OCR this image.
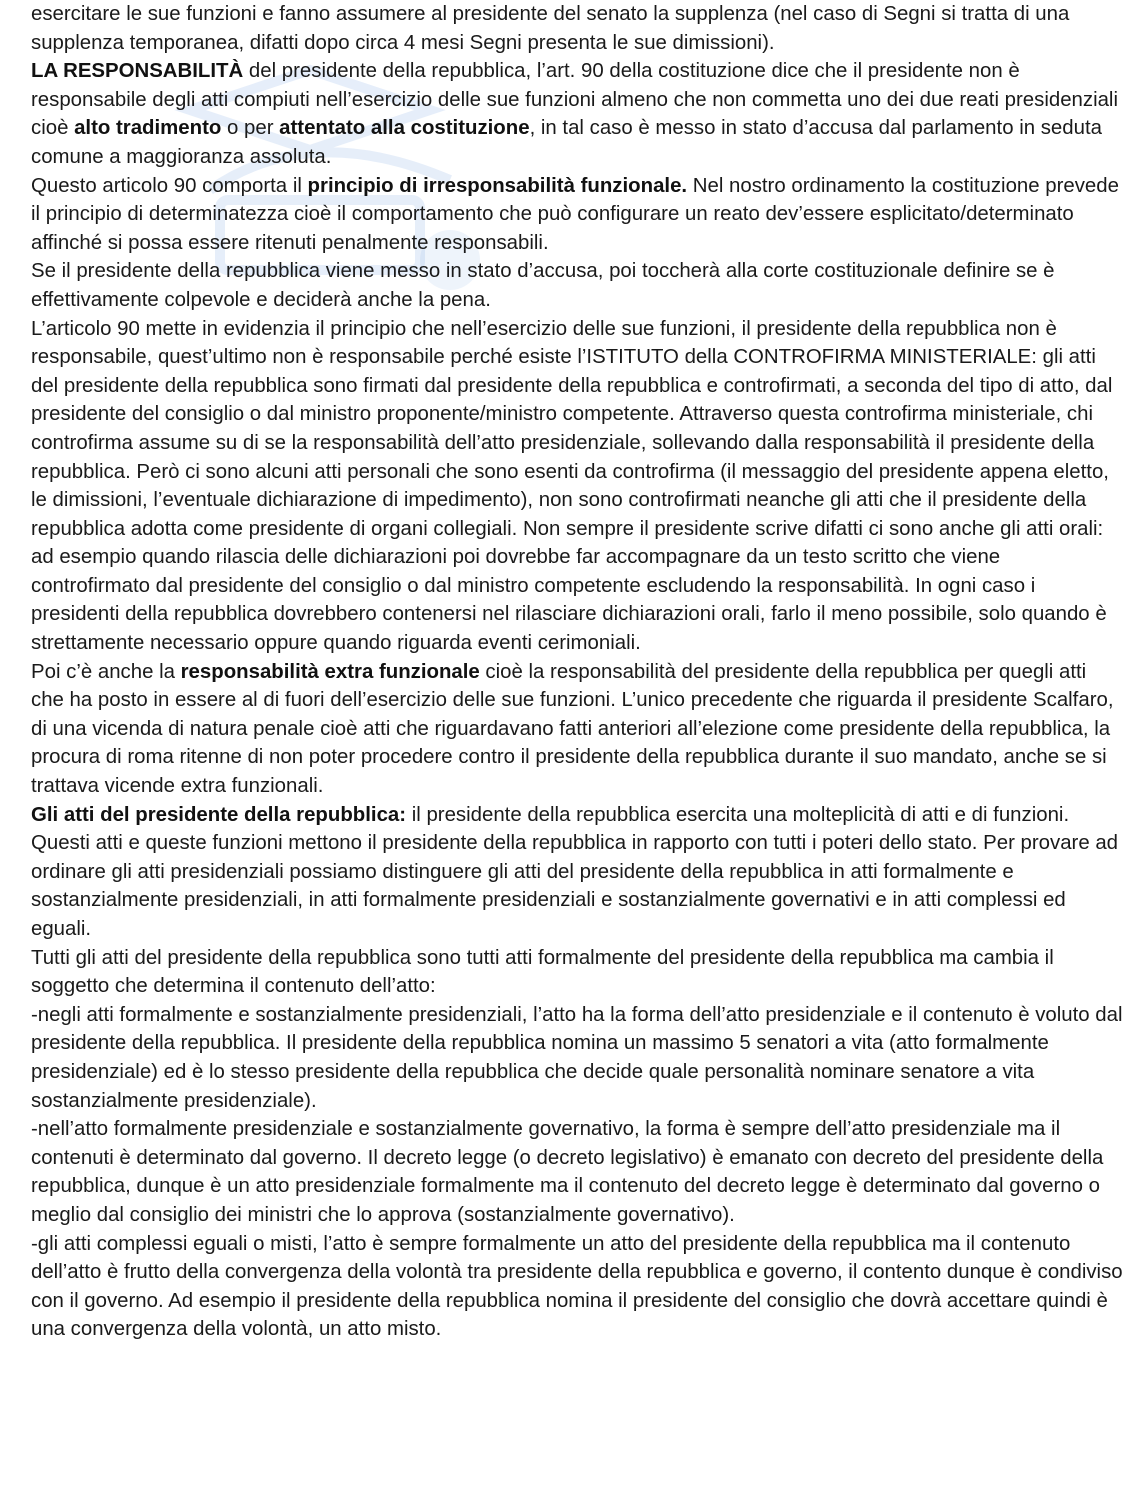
esercitare le sue funzioni e fanno assumere al presidente del senato la supplenza (nel caso di Segni si tratta di una supplenza temporanea, difatti dopo circa 4 mesi Segni presenta le sue dimissioni).

LA RESPONSABILITÀ del presidente della repubblica, l’art. 90 della costituzione dice che il presidente non è responsabile degli atti compiuti nell’esercizio delle sue funzioni almeno che non commetta uno dei due reati presidenziali cioè alto tradimento o per attentato alla costituzione, in tal caso è messo in stato d’accusa dal parlamento in seduta comune a maggioranza assoluta.

Questo articolo 90 comporta il principio di irresponsabilità funzionale. Nel nostro ordinamento la costituzione prevede il principio di determinatezza cioè il comportamento che può configurare un reato dev’essere esplicitato/determinato affinché si possa essere ritenuti penalmente responsabili.

Se il presidente della repubblica viene messo in stato d’accusa, poi toccherà alla corte costituzionale definire se è effettivamente colpevole e deciderà anche la pena.

L’articolo 90 mette in evidenzia il principio che nell’esercizio delle sue funzioni, il presidente della repubblica non è responsabile, quest’ultimo non è responsabile perché esiste l’ISTITUTO della CONTROFIRMA MINISTERIALE: gli atti del presidente della repubblica sono firmati dal presidente della repubblica e controfirmati, a seconda del tipo di atto, dal presidente del consiglio o dal ministro proponente/ministro competente. Attraverso questa controfirma ministeriale, chi controfirma assume su di se la responsabilità dell’atto presidenziale, sollevando dalla responsabilità il presidente della repubblica. Però ci sono alcuni atti personali che sono esenti da controfirma (il messaggio del presidente appena eletto, le dimissioni, l’eventuale dichiarazione di impedimento), non sono controfirmati neanche gli atti che il presidente della repubblica adotta come presidente di organi collegiali. Non sempre il presidente scrive difatti ci sono anche gli atti orali: ad esempio quando rilascia delle dichiarazioni poi dovrebbe far accompagnare da un testo scritto che viene controfirmato dal presidente del consiglio o dal ministro competente escludendo la responsabilità. In ogni caso i presidenti della repubblica dovrebbero contenersi nel rilasciare dichiarazioni orali, farlo il meno possibile, solo quando è strettamente necessario oppure quando riguarda eventi cerimoniali.

Poi c’è anche la responsabilità extra funzionale cioè la responsabilità del presidente della repubblica per quegli atti che ha posto in essere al di fuori dell’esercizio delle sue funzioni. L’unico precedente che riguarda il presidente Scalfaro, di una vicenda di natura penale cioè atti che riguardavano fatti anteriori all’elezione come presidente della repubblica, la procura di roma ritenne di non poter procedere contro il presidente della repubblica durante il suo mandato, anche se si trattava vicende extra funzionali.

Gli atti del presidente della repubblica: il presidente della repubblica esercita una molteplicità di atti e di funzioni. Questi atti e queste funzioni mettono il presidente della repubblica in rapporto con tutti i poteri dello stato. Per provare ad ordinare gli atti presidenziali possiamo distinguere gli atti del presidente della repubblica in atti formalmente e sostanzialmente presidenziali, in atti formalmente presidenziali e sostanzialmente governativi e in atti complessi ed eguali.

Tutti gli atti del presidente della repubblica sono tutti atti formalmente del presidente della repubblica ma cambia il soggetto che determina il contenuto dell’atto:

-negli atti formalmente e sostanzialmente presidenziali, l’atto ha la forma dell’atto presidenziale e il contenuto è voluto dal presidente della repubblica. Il presidente della repubblica nomina un massimo 5 senatori a vita (atto formalmente presidenziale) ed è lo stesso presidente della repubblica che decide quale personalità nominare senatore a vita sostanzialmente presidenziale).

-nell’atto formalmente presidenziale e sostanzialmente governativo, la forma è sempre dell’atto presidenziale ma il contenuti è determinato dal governo. Il decreto legge (o decreto legislativo) è emanato con decreto del presidente della repubblica, dunque è un atto presidenziale formalmente ma il contenuto del decreto legge è determinato dal governo o meglio dal consiglio dei ministri che lo approva (sostanzialmente governativo).

-gli atti complessi eguali o misti, l’atto è sempre formalmente un atto del presidente della repubblica ma il contenuto dell’atto è frutto della convergenza della volontà tra presidente della repubblica e governo, il contento dunque è condiviso con il governo. Ad esempio il presidente della repubblica nomina il presidente del consiglio che dovrà accettare quindi è una convergenza della volontà, un atto misto.
